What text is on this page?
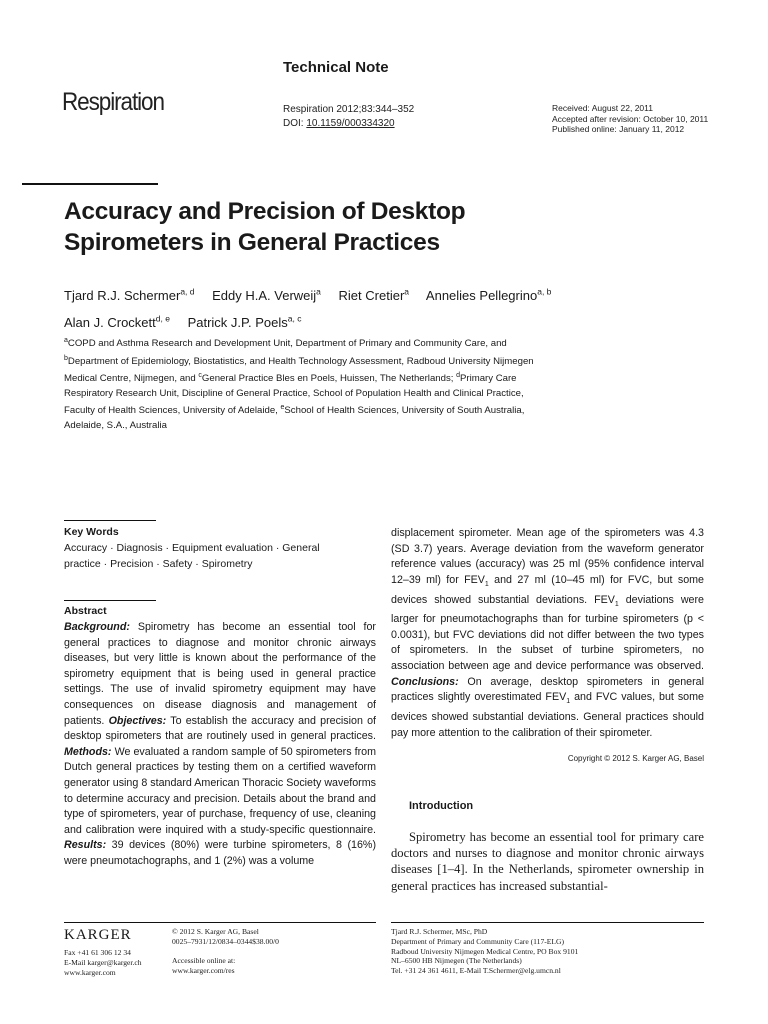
Technical Note
Respiration	Respiration 2012;83:344–352
DOI: 10.1159/000334320
Received: August 22, 2011
Accepted after revision: October 10, 2011
Published online: January 11, 2012
Accuracy and Precision of Desktop
Spirometers in General Practices
Tjard R.J. Schermer$^{a, d}$ Eddy H.A. Verweij$^a$ Riet Cretier$^a$ Annelies Pellegrino$^{a, b}$
Alan J. Crockett$^{d, e}$ Patrick J.P. Poels$^{a, c}$
$^a$COPD and Asthma Research and Development Unit, Department of Primary and Community Care, and
$^b$Department of Epidemiology, Biostatistics, and Health Technology Assessment, Radboud University Nijmegen
Medical Centre, Nijmegen, and $^c$General Practice Bles en Poels, Huissen, The Netherlands; $^d$Primary Care
Respiratory Research Unit, Discipline of General Practice, School of Population Health and Clinical Practice,
Faculty of Health Sciences, University of Adelaide, $^e$School of Health Sciences, University of South Australia,
Adelaide, S.A., Australia
Key Words
Accuracy · Diagnosis · Equipment evaluation · General
practice · Precision · Safety · Spirometry
Abstract
Background: Spirometry has become an essential tool for general practices to diagnose and monitor chronic airways diseases, but very little is known about the performance of the spirometry equipment that is being used in general practice settings. The use of invalid spirometry equipment may have consequences on disease diagnosis and management of patients. Objectives: To establish the accuracy and precision of desktop spirometers that are routinely used in general practices. Methods: We evaluated a random sample of 50 spirometers from Dutch general practices by testing them on a certified waveform generator using 8 standard American Thoracic Society waveforms to determine accuracy and precision. Details about the brand and type of spirometers, year of purchase, frequency of use, cleaning and calibration were inquired with a study-specific questionnaire. Results: 39 devices (80%) were turbine spirometers, 8 (16%) were pneumotachographs, and 1 (2%) was a volume
displacement spirometer. Mean age of the spirometers was 4.3 (SD 3.7) years. Average deviation from the waveform generator reference values (accuracy) was 25 ml (95% confidence interval 12–39 ml) for $FEV_1$ and 27 ml (10–45 ml) for FVC, but some devices showed substantial deviations. $FEV_1$ deviations were larger for pneumotachographs than for turbine spirometers (p < 0.0031), but FVC deviations did not differ between the two types of spirometers. In the subset of turbine spirometers, no association between age and device performance was observed. Conclusions: On average, desktop spirometers in general practices slightly overestimated $FEV_1$ and FVC values, but some devices showed substantial deviations. General practices should pay more attention to the calibration of their spirometer.
Copyright © 2012 S. Karger AG, Basel
Introduction
Spirometry has become an essential tool for primary care doctors and nurses to diagnose and monitor chronic airways diseases [1–4]. In the Netherlands, spirometer ownership in general practices has increased substantial-
KARGER
Fax +41 61 306 12 34
E-Mail karger@karger.ch
www.karger.com
© 2012 S. Karger AG, Basel
0025–7931/12/0834–0344$38.00/0
Accessible online at:
www.karger.com/res
Tjard R.J. Schermer, MSc, PhD
Department of Primary and Community Care (117-ELG)
Radboud University Nijmegen Medical Centre, PO Box 9101
NL–6500 HB Nijmegen (The Netherlands)
Tel. +31 24 361 4611, E-Mail T.Schermer@elg.umcn.nl
